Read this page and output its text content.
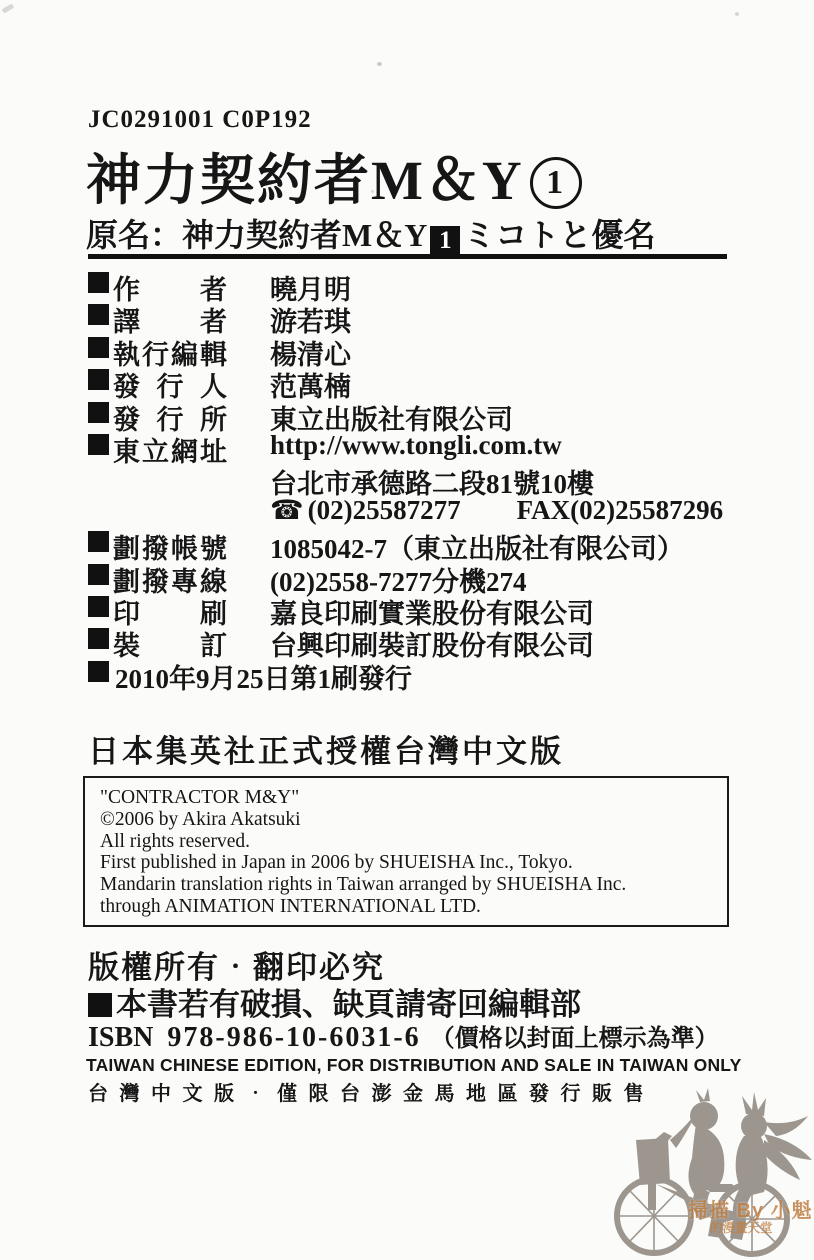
JC0291001 C0P192
神力契約者M＆Y 1
原名：神力契約者M＆Y 1 ミコトと優名
作者 曉月明
譯者 游若琪
執行編輯 楊清心
發行人 范萬楠
發行所 東立出版社有限公司
東立網址 http://www.tongli.com.tw
台北市承德路二段81號10樓
☎ (02)25587277 FAX(02)25587296
劃撥帳號 1085042-7（東立出版社有限公司）
劃撥專線 (02)2558-7277分機274
印刷 嘉良印刷實業股份有限公司
裝訂 台興印刷裝訂股份有限公司
2010年9月25日第1刷發行
日本集英社正式授權台灣中文版
"CONTRACTOR M&Y"
©2006 by Akira Akatsuki
All rights reserved.
First published in Japan in 2006 by SHUEISHA Inc., Tokyo.
Mandarin translation rights in Taiwan arranged by SHUEISHA Inc.
through ANIMATION INTERNATIONAL LTD.
版權所有‧翻印必究
本書若有破損、缺頁請寄回編輯部
ISBN 978-986-10-6031-6 （價格以封面上標示為準）
TAIWAN CHINESE EDITION, FOR DISTRIBUTION AND SALE IN TAIWAN ONLY
台灣中文版‧僅限台澎金馬地區發行販售
掃描 By 小魁
的漫畫天堂
